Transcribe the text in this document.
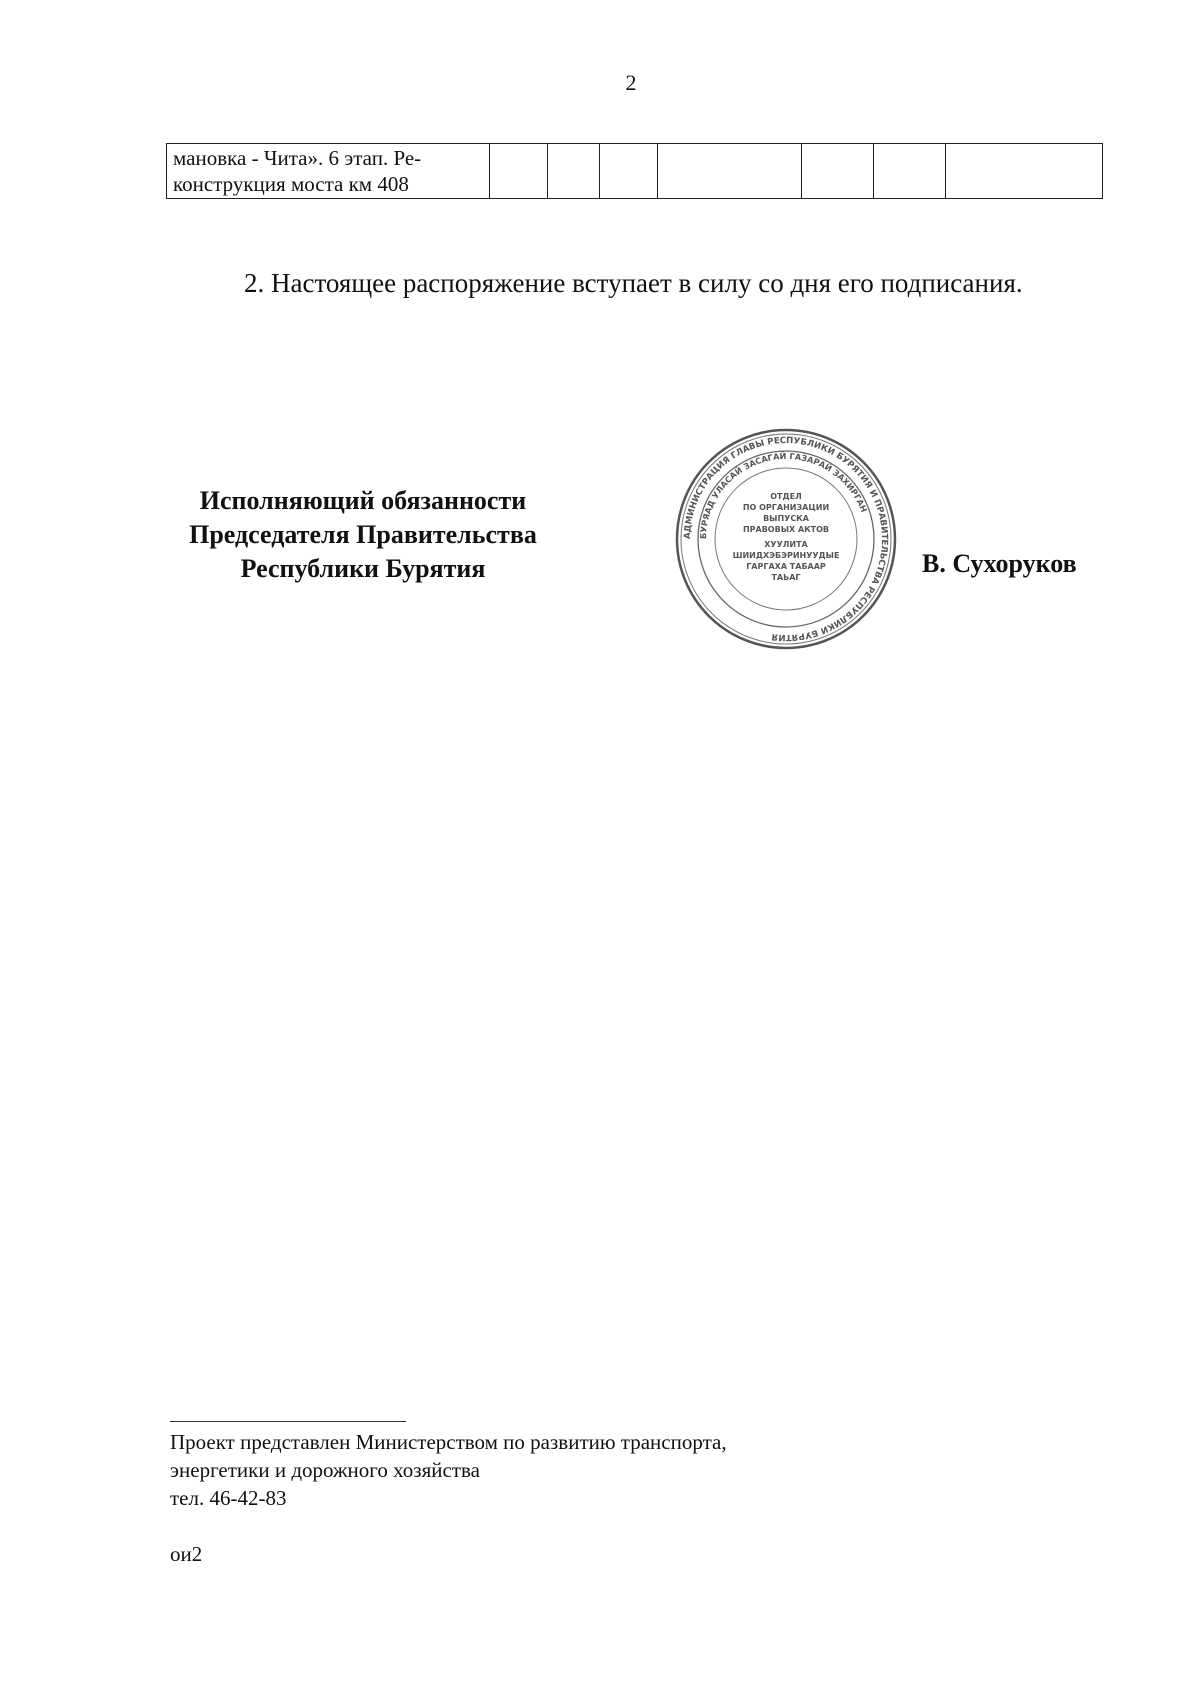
2
мановка - Чита». 6 этап. Ре-
конструкция моста км 408

2. Настоящее распоряжение вступает в силу со дня его подписания.
Исполняющий обязанности
Председателя Правительства
Республики Бурятия
АДМИНИСТРАЦИЯ ГЛАВЫ РЕСПУБЛИКИ БУРЯТИЯ И ПРАВИТЕЛЬСТВА РЕСПУБЛИКИ БУРЯТИЯ
БУРЯАД УЛАСАЙ ЗАСАГАЙ ГАЗАРАЙ ЗАХИРГАН
ОТДЕЛ
ПО ОРГАНИЗАЦИИ
ВЫПУСКА
ПРАВОВЫХ АКТОВ
ХУУЛИТА
ШИИДХЭБЭРИНУУДЫЕ
ГАРГАХА ТАБААР
ТАЬАГ	В. Сухоруков
Проект представлен Министерством по развитию транспорта,
энергетики и дорожного хозяйства
тел. 46-42-83
ои2
